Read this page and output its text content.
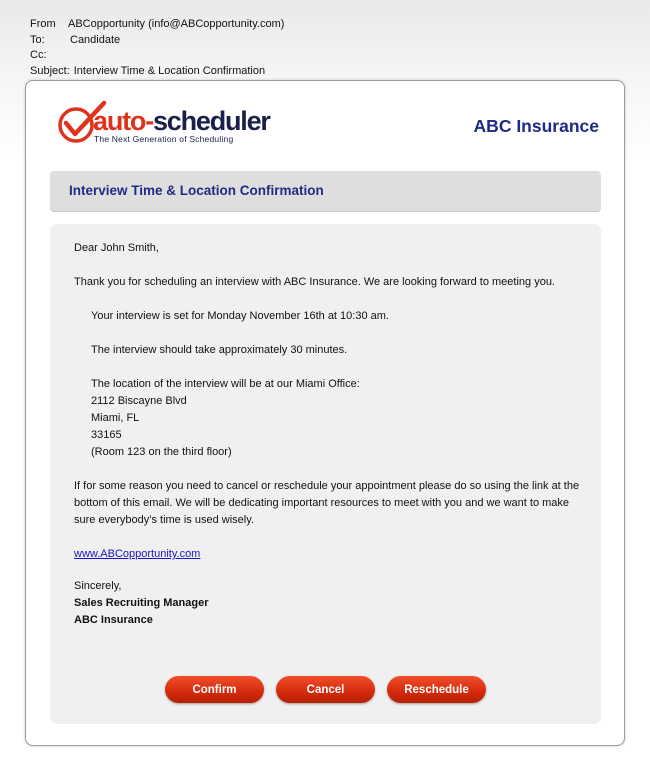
From	ABCopportunity (info@ABCopportunity.com)
To:	Candidate
Cc:
Subject: Interview Time & Location Confirmation
auto-scheduler
The Next Generation of Scheduling
ABC Insurance
Interview Time & Location Confirmation

Dear John Smith,

Thank you for scheduling an interview with ABC Insurance. We are looking forward to meeting you.

Your interview is set for Monday November 16th at 10:30 am.

The interview should take approximately 30 minutes.

The location of the interview will be at our Miami Office:

2112 Biscayne Blvd

Miami, FL

33165

(Room 123 on the third floor)

If for some reason you need to cancel or reschedule your appointment please do so using the link at the bottom of this email. We will be dedicating important resources to meet with you and we want to make sure everybody’s time is used wisely.

www.ABCopportunity.com

Sincerely,

Sales Recruiting Manager

ABC Insurance

Confirm	Cancel	Reschedule
